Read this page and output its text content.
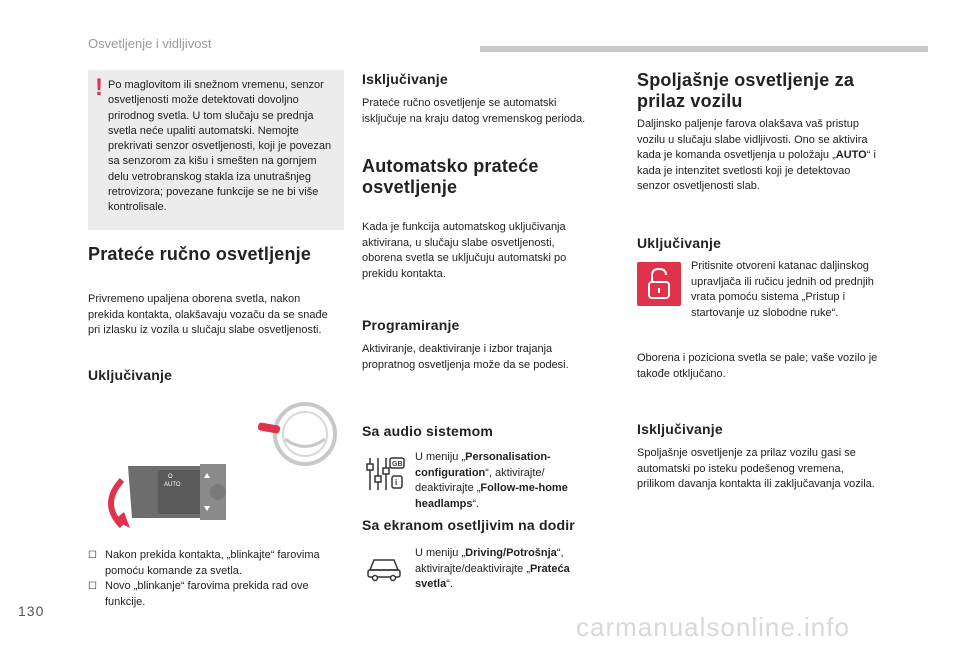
Osvetljenje i vidljivost
! Po maglovitom ili snežnom vremenu, senzor osvetljenosti može detektovati dovoljno prirodnog svetla. U tom slučaju se prednja svetla neće upaliti automatski. Nemojte prekrivati senzor osvetljenosti, koji je povezan sa senzorom za kišu i smešten na gornjem delu vetrobranskog stakla iza unutrašnjeg retrovizora; povezane funkcije se ne bi više kontrolisale.

Prateće ručno osvetljenje

Privremeno upaljena oborena svetla, nakon prekida kontakta, olakšavaju vozaču da se snađe pri izlasku iz vozila u slučaju slabe osvetljenosti.

Uključivanje
AUTO
O
☐ Nakon prekida kontakta, „blinkajte“ farovima pomoću komande za svetla.
☐ Novo „blinkanje“ farovima prekida rad ove funkcije.
Isključivanje

Prateće ručno osvetljenje se automatski isključuje na kraju datog vremenskog perioda.

Automatsko prateće osvetljenje

Kada je funkcija automatskog uključivanja aktivirana, u slučaju slabe osvetljenosti, oborena svetla se uključuju automatski po prekidu kontakta.

Programiranje

Aktiviranje, deaktiviranje i izbor trajanja propratnog osvetljenja može da se podesi.

Sa audio sistemom
GB
i

U meniju „Personalisation-configuration“, aktivirajte/ deaktivirajte „Follow-me-home headlamps“.

Sa ekranom osetljivim na dodir

U meniju „Driving/Potrošnja“, aktivirajte/deaktivirajte „Prateća svetla“.

Spoljašnje osvetljenje za prilaz vozilu

Daljinsko paljenje farova olakšava vaš pristup vozilu u slučaju slabe vidljivosti. Ono se aktivira kada je komanda osvetljenja u položaju „AUTO“ i kada je intenzitet svetlosti koji je detektovao senzor osvetljenosti slab.

Uključivanje

Pritisnite otvoreni katanac daljinskog upravljača ili ručicu jednih od prednjih vrata pomoću sistema „Pristup i startovanje uz slobodne ruke“.

Oborena i poziciona svetla se pale; vaše vozilo je takođe otključano.

Isključivanje

Spoljašnje osvetljenje za prilaz vozilu gasi se automatski po isteku podešenog vremena, prilikom davanja kontakta ili zaključavanja vozila.

130
carmanualsonline.info
